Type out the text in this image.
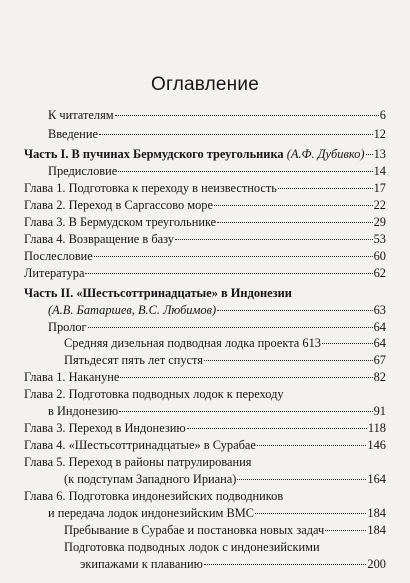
Оглавление
К читателям	6
Введение	12
Часть I. В пучинах Бермудского треугольника (А.Ф. Дубивко) 13
Предисловие	14
Глава 1. Подготовка к переходу в неизвестность	17
Глава 2. Переход в Саргассово море	22
Глава 3. В Бермудском треугольнике	29
Глава 4. Возвращение в базу	53
Послесловие	60
Литература	62
Часть II. «Шестьсоттринадцатые» в Индонезии
(А.В. Батаршев, В.С. Любимов)	63
Пролог	64
Средняя дизельная подводная лодка проекта 613	64
Пятьдесят пять лет спустя	67
Глава 1. Накануне	82
Глава 2. Подготовка подводных лодок к переходу
в Индонезию	91
Глава 3. Переход в Индонезию	118
Глава 4. «Шестьсоттринадцатые» в Сурабае	146
Глава 5. Переход в районы патрулирования
(к подступам Западного Ириана)	164
Глава 6. Подготовка индонезийских подводников
и передача лодок индонезийским ВМС	184
Пребывание в Сурабае и постановка новых задач	184
Подготовка подводных лодок с индонезийскими
экипажами к плаванию	200
